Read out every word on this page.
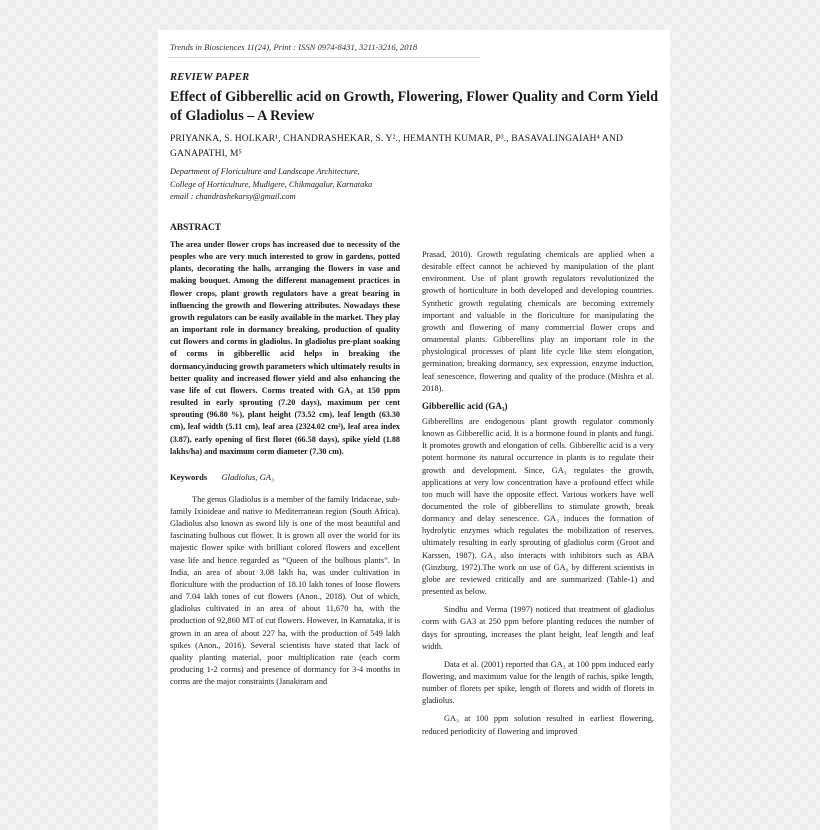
Trends in Biosciences 11(24), Print : ISSN 0974-8431, 3211-3216, 2018
REVIEW PAPER
Effect of Gibberellic acid on Growth, Flowering, Flower Quality and Corm Yield of Gladiolus – A Review
PRIYANKA, S. HOLKAR¹, CHANDRASHEKAR, S. Y²., HEMANTH KUMAR, P³., BASAVALINGAIAH⁴ AND GANAPATHI, M⁵
Department of Floriculture and Landscape Architecture,
College of Horticulture, Mudigere, Chikmagalur, Karnataka
email : chandrashekarsy@gmail.com
ABSTRACT

The area under flower crops has increased due to necessity of the peoples who are very much interested to grow in gardens, potted plants, decorating the halls, arranging the flowers in vase and making bouquet. Among the different management practices in flower crops, plant growth regulators have a great bearing in influencing the growth and flowering attributes. Nowadays these growth regulators can be easily available in the market. They play an important role in dormancy breaking, production of quality cut flowers and corms in gladiolus. In gladiolus pre-plant soaking of corms in gibberellic acid helps in breaking the dormancy,inducing growth parameters which ultimately results in better quality and increased flower yield and also enhancing the vase life of cut flowers. Corms treated with GA₃ at 150 ppm resulted in early sprouting (7.20 days), maximum per cent sprouting (96.80 %), plant height (73.52 cm), leaf length (63.30 cm), leaf width (5.11 cm), leaf area (2324.02 cm²), leaf area index (3.87), early opening of first floret (66.58 days), spike yield (1.88 lakhs/ha) and maximum corm diameter (7.30 cm).

Keywords Gladiolus, GA₃

The genus Gladiolus is a member of the family Iridaceae, sub-family Ixioideae and native to Mediterranean region (South Africa). Gladiolus also known as sword lily is one of the most beautiful and fascinating bulbous cut flower. It is grown all over the world for its majestic flower spike with brilliant colored flowers and excellent vase life and hence regarded as “Queen of the bulbous plants”. In India, an area of about 3.08 lakh ha, was under cultivation in floriculture with the production of 18.10 lakh tones of loose flowers and 7.04 lakh tones of cut flowers (Anon., 2018). Out of which, gladiolus cultivated in an area of about 11,670 ha, with the production of 92,860 MT of cut flowers. However, in Karnataka, it is grown in an area of about 227 ha, with the production of 549 lakh spikes (Anon., 2016). Several scientists have stated that lack of quality planting material, poor multiplication rate (each corm producing 1-2 corms) and presence of dormancy for 3-4 months in corms are the major constraints (Janakiram and

Prasad, 2010). Growth regulating chemicals are applied when a desirable effect cannot be achieved by manipulation of the plant environment. Use of plant growth regulators revolutionized the growth of horticulture in both developed and developing countries. Synthetic growth regulating chemicals are becoming extremely important and valuable in the floriculture for manipulating the growth and flowering of many commercial flower crops and ornamental plants. Gibberellins play an important role in the physiological processes of plant life cycle like stem elongation, germination, breaking dormancy, sex expression, enzyme induction, leaf senescence, flowering and quality of the produce (Mishra et al. 2018).

Gibberellic acid (GA₃)

Gibberellins are endogenous plant growth regulator commonly known as Gibberellic acid. It is a hormone found in plants and fungi. It promotes growth and elongation of cells. Gibberellic acid is a very potent hormone its natural occurrence in plants is to regulate their growth and development. Since, GA₃ regulates the growth, applications at very low concentration have a profound effect while too much will have the opposite effect. Various workers have well documented the role of gibberellins to stimulate growth, break dormancy and delay senescence. GA₃ induces the formation of hydrolytic enzymes which regulates the mobilization of reserves, ultimately resulting in early sprouting of gladiolus corm (Groot and Karssen, 1987). GA₃ also interacts with inhibitors such as ABA (Ginzburg, 1972).The work on use of GA₃ by different scientists in globe are reviewed critically and are summarized (Table-1) and presented as below.

Sindhu and Verma (1997) noticed that treatment of gladiolus corm with GA3 at 250 ppm before planting reduces the number of days for sprouting, increases the plant height, leaf length and leaf width.

Data et al. (2001) reported that GA₃ at 100 ppm induced early flowering, and maximum value for the length of rachis, spike length, number of florets per spike, length of florets and width of florets in gladiolus.

GA₃ at 100 ppm solution resulted in earliest flowering, reduced periodicity of flowering and improved
